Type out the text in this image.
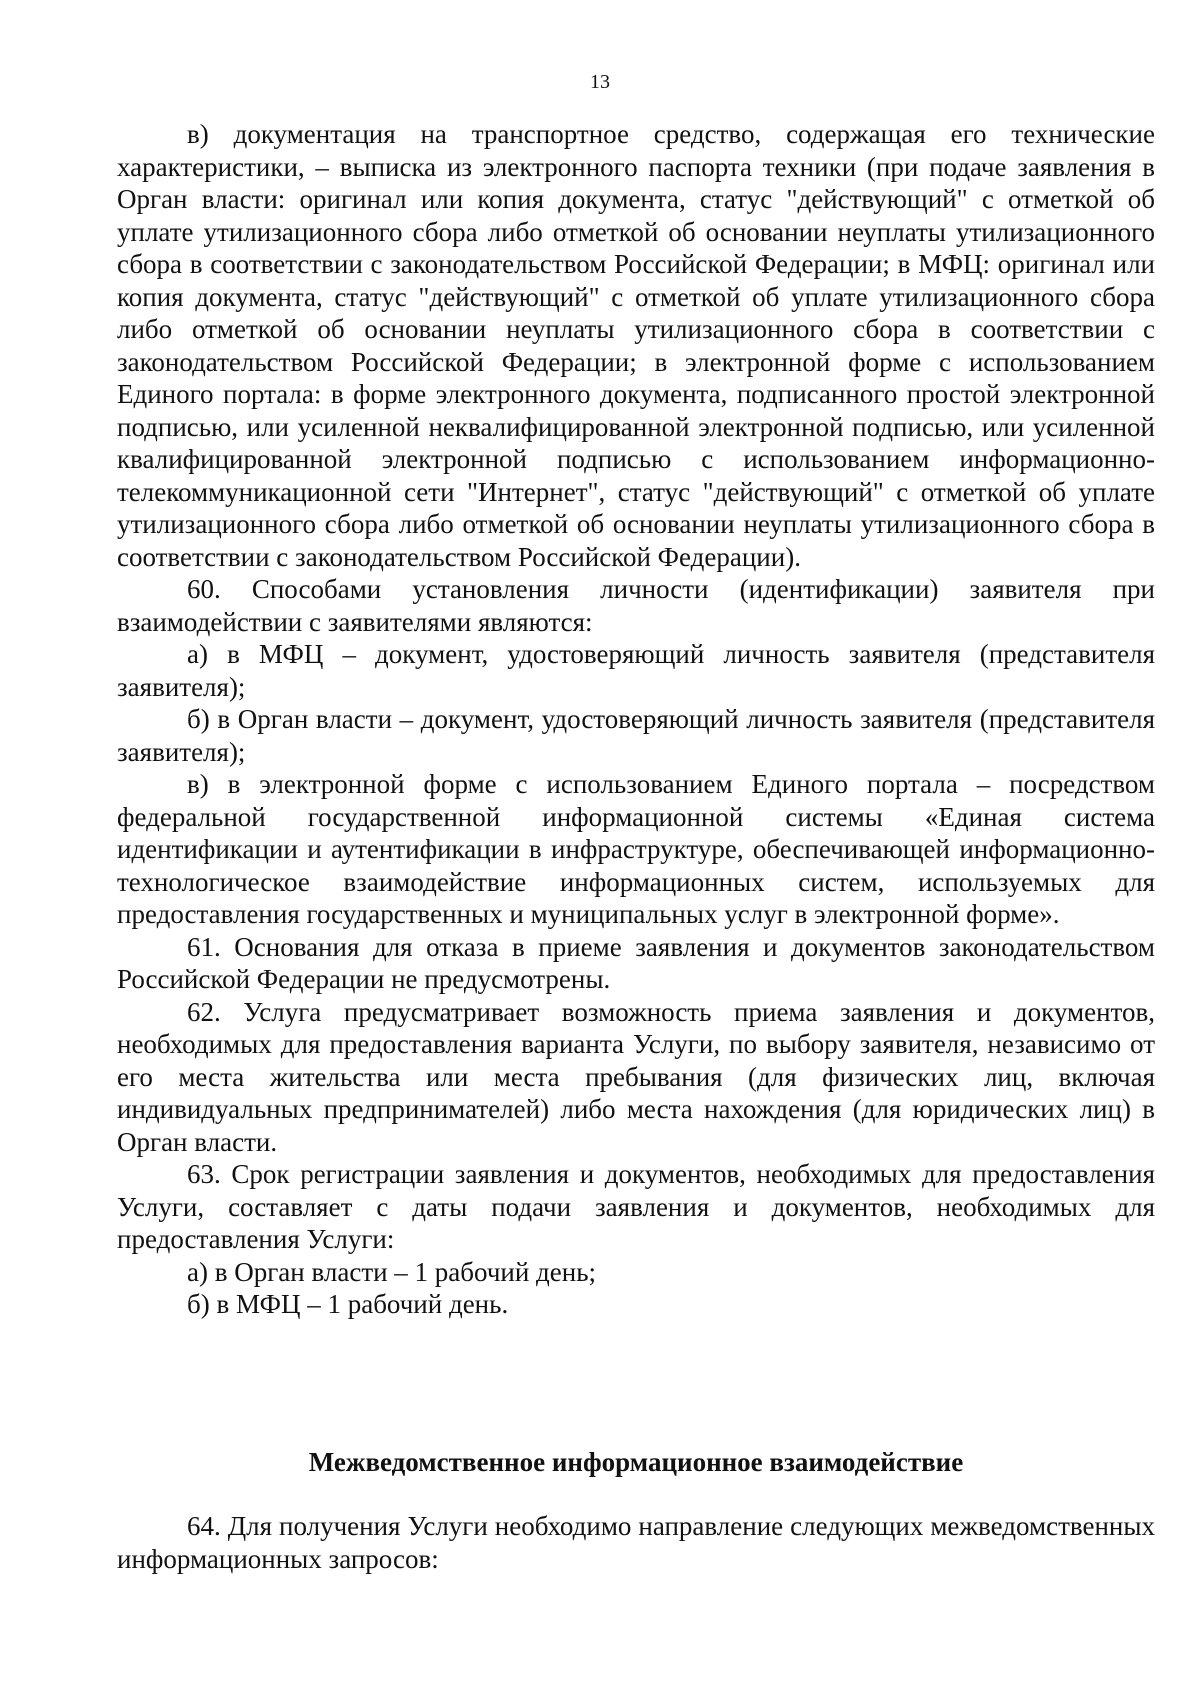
13

в) документация на транспортное средство, содержащая его технические характеристики, – выписка из электронного паспорта техники (при подаче заявления в Орган власти: оригинал или копия документа, статус "действующий" с отметкой об уплате утилизационного сбора либо отметкой об основании неуплаты утилизационного сбора в соответствии с законодательством Российской Федерации; в МФЦ: оригинал или копия документа, статус "действующий" с отметкой об уплате утилизационного сбора либо отметкой об основании неуплаты утилизационного сбора в соответствии с законодательством Российской Федерации; в электронной форме с использованием Единого портала: в форме электронного документа, подписанного простой электронной подписью, или усиленной неквалифицированной электронной подписью, или усиленной квалифицированной электронной подписью с использованием информационно-телекоммуникационной сети "Интернет", статус "действующий" с отметкой об уплате утилизационного сбора либо отметкой об основании неуплаты утилизационного сбора в соответствии с законодательством Российской Федерации).

60. Способами установления личности (идентификации) заявителя при взаимодействии с заявителями являются:

а) в МФЦ – документ, удостоверяющий личность заявителя (представителя заявителя);

б) в Орган власти – документ, удостоверяющий личность заявителя (представителя заявителя);

в) в электронной форме с использованием Единого портала – посредством федеральной государственной информационной системы «Единая система идентификации и аутентификации в инфраструктуре, обеспечивающей информационно-технологическое взаимодействие информационных систем, используемых для предоставления государственных и муниципальных услуг в электронной форме».

61. Основания для отказа в приеме заявления и документов законодательством Российской Федерации не предусмотрены.

62. Услуга предусматривает возможность приема заявления и документов, необходимых для предоставления варианта Услуги, по выбору заявителя, независимо от его места жительства или места пребывания (для физических лиц, включая индивидуальных предпринимателей) либо места нахождения (для юридических лиц) в Орган власти.

63. Срок регистрации заявления и документов, необходимых для предоставления Услуги, составляет с даты подачи заявления и документов, необходимых для предоставления Услуги:

а) в Орган власти – 1 рабочий день;

б) в МФЦ – 1 рабочий день.

Межведомственное информационное взаимодействие

64. Для получения Услуги необходимо направление следующих межведомственных информационных запросов:
